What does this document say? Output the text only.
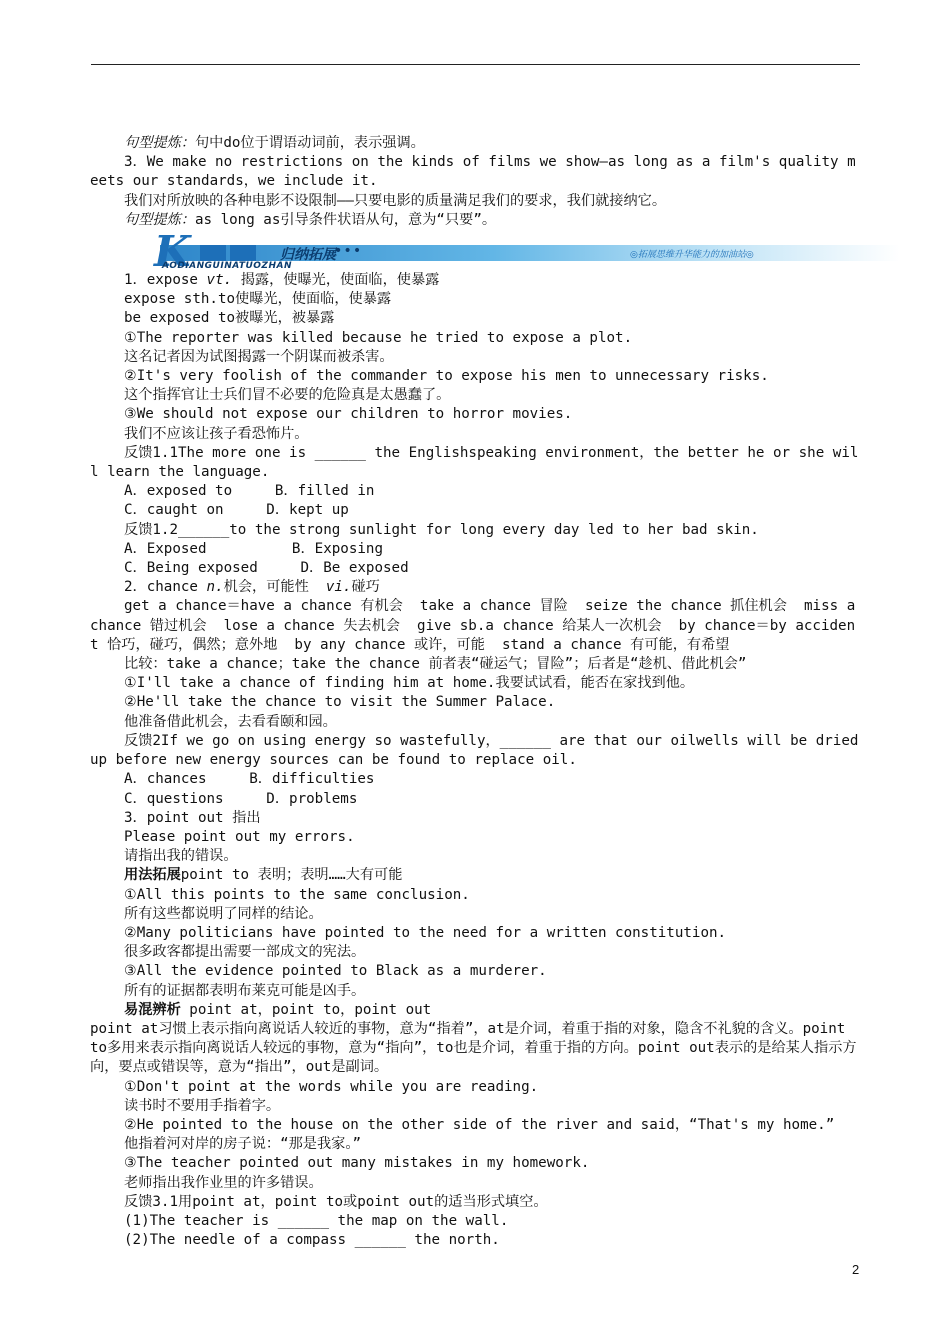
句型提炼：句中do位于谓语动词前，表示强调。

3．We make no restrictions on the kinds of films we show—as long as a film's quality meets our standards，we include it.

我们对所放映的各种电影不设限制——只要电影的质量满足我们的要求，我们就接纳它。

句型提炼：as long as引导条件状语从句，意为“只要”。

K	归纳拓展
•••
AODIANGUINATUOZHAN
◎拓展思维升华能力的加油站◎

1．expose vt. 揭露，使曝光，使面临，使暴露

expose sth.to使曝光，使面临，使暴露

be exposed to被曝光，被暴露

①The reporter was killed because he tried to expose a plot.

这名记者因为试图揭露一个阴谋而被杀害。

②It's very foolish of the commander to expose his men to unnecessary risks.

这个指挥官让士兵们冒不必要的危险真是太愚蠢了。

③We should not expose our children to horror movies.

我们不应该让孩子看恐怖片。

反馈1.1The more one is ______ the Englishspeaking environment，the better he or she will learn the language.

A．exposed to     B．filled in

C．caught on     D．kept up

反馈1.2______to the strong sunlight for long every day led to her bad skin.

A．Exposed          B．Exposing

C．Being exposed     D．Be exposed

2．chance n.机会，可能性  vi.碰巧

get a chance＝have a chance 有机会  take a chance 冒险  seize the chance 抓住机会  miss a chance 错过机会  lose a chance 失去机会  give sb.a chance 给某人一次机会  by chance＝by accident 恰巧，碰巧，偶然；意外地  by any chance 或许，可能  stand a chance 有可能，有希望

比较：take a chance；take the chance 前者表“碰运气；冒险”；后者是“趁机、借此机会”

①I'll take a chance of finding him at home.我要试试看，能否在家找到他。

②He'll take the chance to visit the Summer Palace.

他准备借此机会，去看看颐和园。

反馈2If we go on using energy so wastefully，______ are that our oilwells will be dried up before new energy sources can be found to replace oil.

A．chances     B．difficulties

C．questions     D．problems

3．point out 指出

Please point out my errors.

请指出我的错误。

用法拓展point to 表明；表明……大有可能

①All this points to the same conclusion.

所有这些都说明了同样的结论。

②Many politicians have pointed to the need for a written constitution.

很多政客都提出需要一部成文的宪法。

③All the evidence pointed to Black as a murderer.

所有的证据都表明布莱克可能是凶手。

易混辨析 point at，point to，point out

point at习惯上表示指向离说话人较近的事物，意为“指着”，at是介词，着重于指的对象，隐含不礼貌的含义。point to多用来表示指向离说话人较远的事物，意为“指向”，to也是介词，着重于指的方向。point out表示的是给某人指示方向，要点或错误等，意为“指出”，out是副词。

①Don't point at the words while you are reading.

读书时不要用手指着字。

②He pointed to the house on the other side of the river and said，“That's my home.”

他指着河对岸的房子说：“那是我家。”

③The teacher pointed out many mistakes in my homework.

老师指出我作业里的许多错误。

反馈3.1用point at，point to或point out的适当形式填空。

(1)The teacher is ______ the map on the wall.

(2)The needle of a compass ______ the north.

2
